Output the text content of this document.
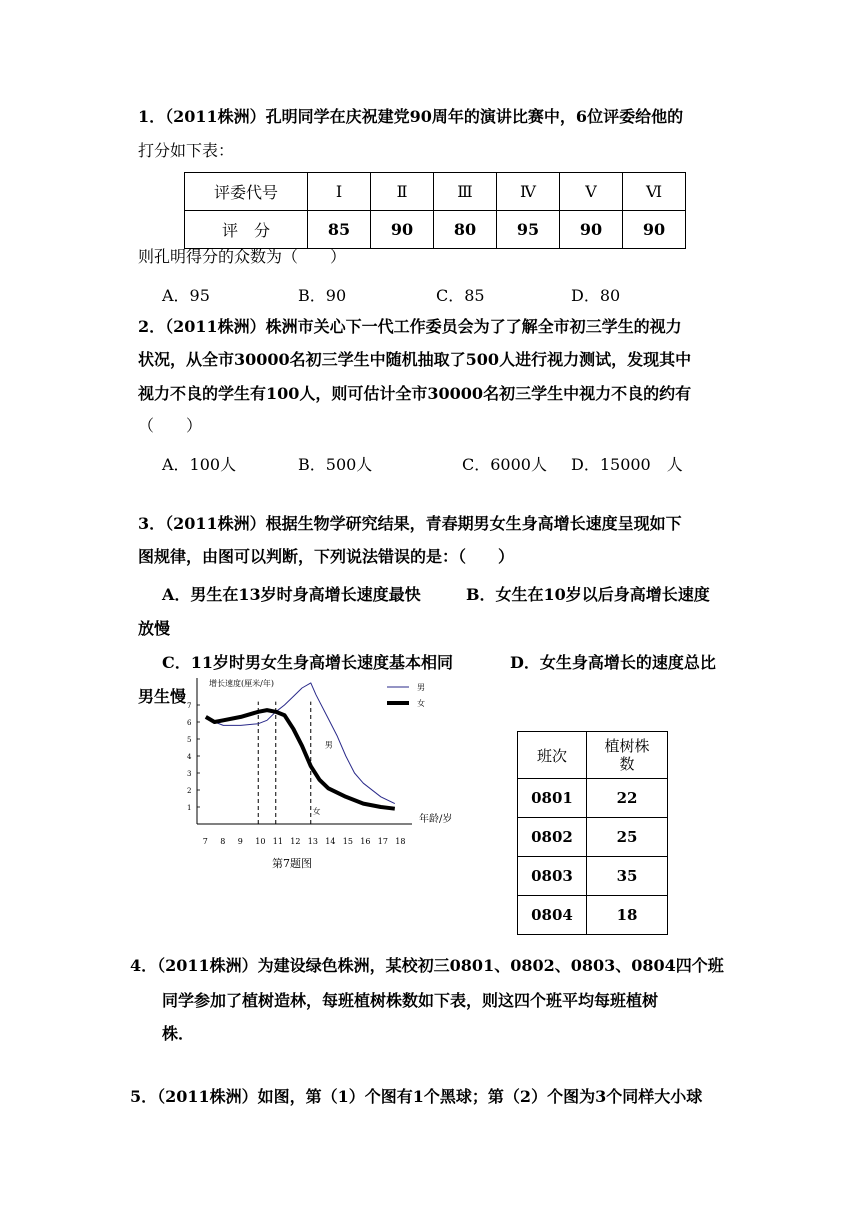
1．（2011株洲）孔明同学在庆祝建党90周年的演讲比赛中，6位评委给他的
打分如下表：
评委代号	Ⅰ	Ⅱ	Ⅲ	Ⅳ	Ⅴ	Ⅵ
评　分	85	90	80	95	90	90
则孔明得分的众数为（　　）
A．95	B．90	C．85	D．80
2．（2011株洲）株洲市关心下一代工作委员会为了了解全市初三学生的视力
状况，从全市30000名初三学生中随机抽取了500人进行视力测试，发现其中
视力不良的学生有100人，则可估计全市30000名初三学生中视力不良的约有
（　　）
A．100人	B．500人	C．6000人 D．15000　人
3．（2011株洲）根据生物学研究结果，青春期男女生身高增长速度呈现如下
图规律，由图可以判断，下列说法错误的是：（　　）
A．男生在13岁时身高增长速度最快	B．女生在10岁以后身高增长速度
放慢
C．11岁时男女生身高增长速度基本相同	D．女生身高增长的速度总比
男生慢
1
2
3
4
5
6
7
7 8 9 10 11 12 13 14 15 16 17 18
增长速度(厘米/年)
年龄/岁
男
女
男
女
第7题图
班次	植树株
数
0801	22
0802	25
0803	35
0804	18
4．（2011株洲）为建设绿色株洲，某校初三0801、0802、0803、0804四个班
同学参加了植树造林，每班植树株数如下表，则这四个班平均每班植树
株．
5．（2011株洲）如图，第（1）个图有1个黑球；第（2）个图为3个同样大小球
